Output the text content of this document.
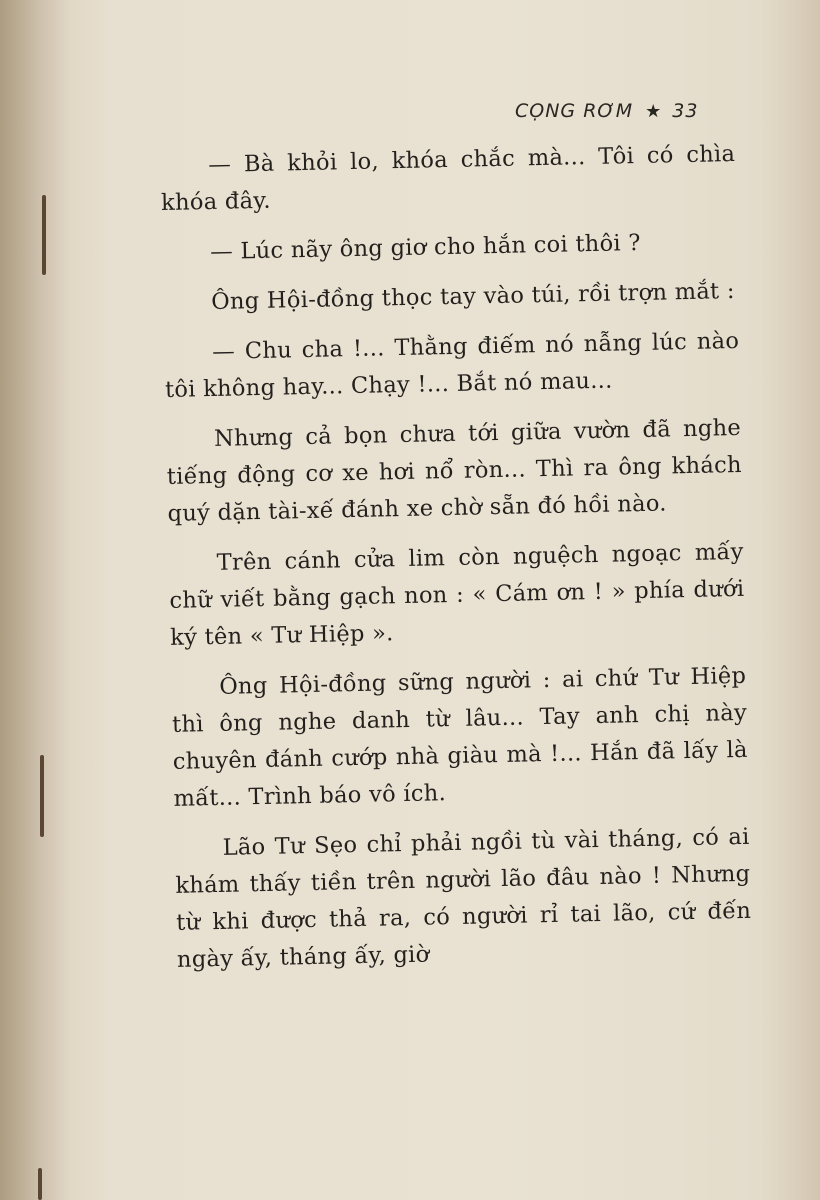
CỌNG RƠM ★ 33

— Bà khỏi lo, khóa chắc mà... Tôi có chìa khóa đây.

— Lúc nãy ông giơ cho hắn coi thôi ?

Ông Hội-đồng thọc tay vào túi, rồi trợn mắt :

— Chu cha !... Thằng điếm nó nẫng lúc nào tôi không hay... Chạy !... Bắt nó mau...

Nhưng cả bọn chưa tới giữa vườn đã nghe tiếng động cơ xe hơi nổ ròn... Thì ra ông khách quý dặn tài-xế đánh xe chờ sẵn đó hồi nào.

Trên cánh cửa lim còn nguệch ngoạc mấy chữ viết bằng gạch non : « Cám ơn ! » phía dưới ký tên « Tư Hiệp ».

Ông Hội-đồng sững người : ai chứ Tư Hiệp thì ông nghe danh từ lâu... Tay anh chị này chuyên đánh cướp nhà giàu mà !... Hắn đã lấy là mất... Trình báo vô ích.

Lão Tư Sẹo chỉ phải ngồi tù vài tháng, có ai khám thấy tiền trên người lão đâu nào ! Nhưng từ khi được thả ra, có người rỉ tai lão, cứ đến ngày ấy, tháng ấy, giờ
